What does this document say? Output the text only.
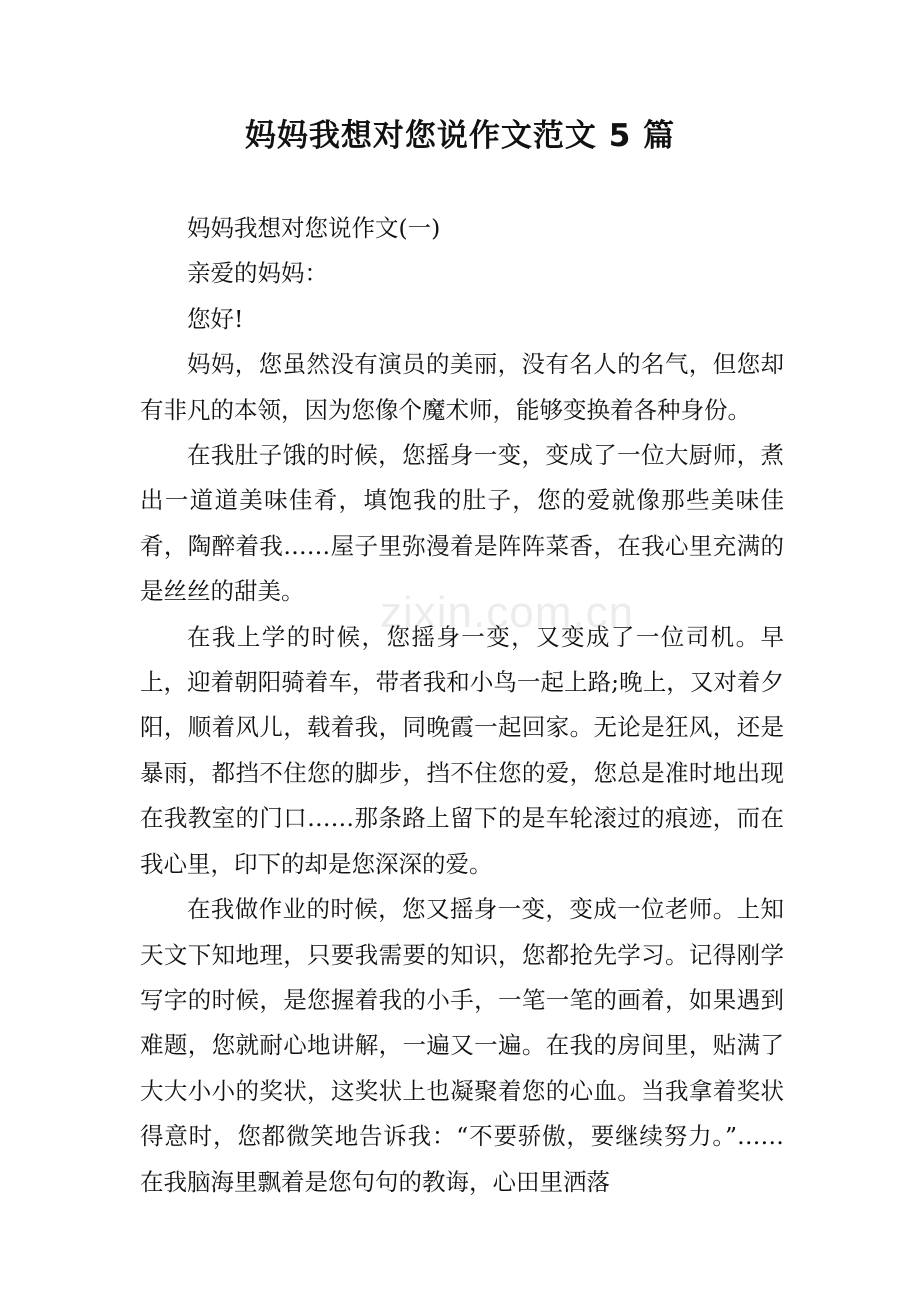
妈妈我想对您说作文范文 5 篇
zixin.com.cn

妈妈我想对您说作文(一)

亲爱的妈妈：

您好!

妈妈，您虽然没有演员的美丽，没有名人的名气，但您却有非凡的本领，因为您像个魔术师，能够变换着各种身份。

在我肚子饿的时候，您摇身一变，变成了一位大厨师，煮出一道道美味佳肴，填饱我的肚子，您的爱就像那些美味佳肴，陶醉着我……屋子里弥漫着是阵阵菜香，在我心里充满的是丝丝的甜美。

在我上学的时候，您摇身一变，又变成了一位司机。早上，迎着朝阳骑着车，带者我和小鸟一起上路;晚上，又对着夕阳，顺着风儿，载着我，同晚霞一起回家。无论是狂风，还是暴雨，都挡不住您的脚步，挡不住您的爱，您总是准时地出现在我教室的门口……那条路上留下的是车轮滚过的痕迹，而在我心里，印下的却是您深深的爱。

在我做作业的时候，您又摇身一变，变成一位老师。上知天文下知地理，只要我需要的知识，您都抢先学习。记得刚学写字的时候，是您握着我的小手，一笔一笔的画着，如果遇到难题，您就耐心地讲解，一遍又一遍。在我的房间里，贴满了大大小小的奖状，这奖状上也凝聚着您的心血。当我拿着奖状得意时，您都微笑地告诉我：“不要骄傲，要继续努力。”……在我脑海里飘着是您句句的教诲，心田里洒落
